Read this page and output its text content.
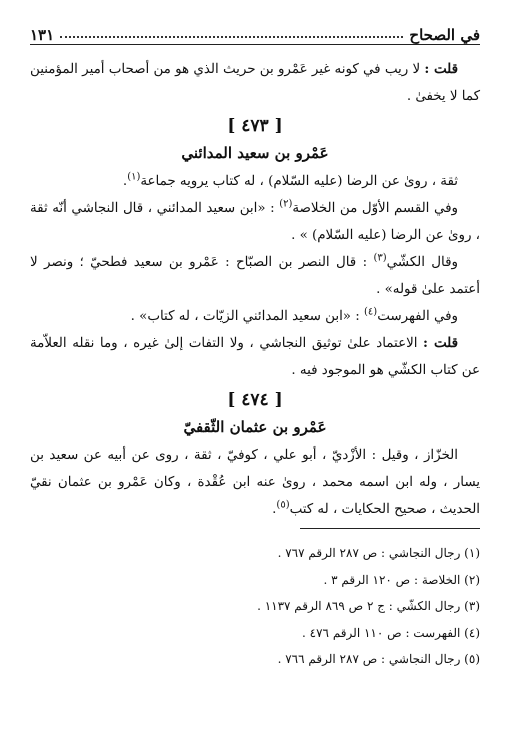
في الصحاح
١٣١

قلت : لا ريب في كونه غير عَمْرو بن حريث الذي هو من أصحاب أمير المؤمنين كما لا يخفىٰ .

[ ٤٧٣ ]
عَمْرو بن سعيد المدائني

ثقة ، روىٰ عن الرضا (عليه السّلام) ، له كتاب يرويه جماعة$^{(١)}$.

وفي القسم الأوّل من الخلاصة$^{(٢)}$ : «ابن سعيد المدائني ، قال النجاشي أنّه ثقة ، روىٰ عن الرضا (عليه السّلام) » .

وقال الكشّي$^{(٣)}$ : قال النصر بن الصبّاح : عَمْرو بن سعيد فطحيّ ؛ ونصر لا أعتمد علىٰ قوله» .

وفي الفهرست$^{(٤)}$ : «ابن سعيد المدائني الزيّات ، له كتاب» .

قلت : الاعتماد علىٰ توثيق النجاشي ، ولا التفات إلىٰ غيره ، وما نقله العلاّمة عن كتاب الكشّي هو الموجود فيه .

[ ٤٧٤ ]
عَمْرو بن عثمان الثّقفيّ

الخزّاز ، وقيل : الأزْديّ ، أبو علي ، كوفيّ ، ثقة ، روى عن أبيه عن سعيد بن يسار ، وله ابن اسمه محمد ، روىٰ عنه ابن عُقْدة ، وكان عَمْرو بن عثمان نقيّ الحديث ، صحيح الحكايات ، له كتب$^{(٥)}$.

(١) رجال النجاشي : ص ٢٨٧ الرقم ٧٦٧ .
(٢) الخلاصة : ص ١٢٠ الرقم ٣ .
(٣) رجال الكشّي : ج ٢ ص ٨٦٩ الرقم ١١٣٧ .
(٤) الفهرست : ص ١١٠ الرقم ٤٧٦ .
(٥) رجال النجاشي : ص ٢٨٧ الرقم ٧٦٦ .
